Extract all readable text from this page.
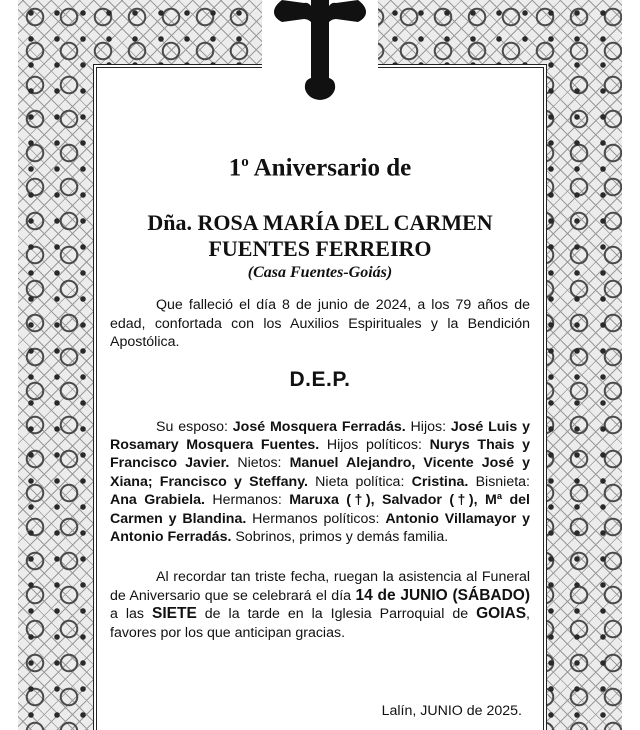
1$^o$ Aniversario de
Dña. ROSA MARÍA DEL CARMEN
FUENTES FERREIRO
(Casa Fuentes-Goiás)

Que falleció el día 8 de junio de 2024, a los 79 años de edad, confortada con los Auxilios Espirituales y la Bendición Apostólica.

D.E.P.

Su esposo: José Mosquera Ferradás. Hijos: José Luis y Rosamary Mosquera Fuentes. Hijos políticos: Nurys Thais y Francisco Javier. Nietos: Manuel Alejandro, Vicente José y Xiana; Francisco y Steffany. Nieta política: Cristina. Bisnieta: Ana Grabiela. Hermanos: Maruxa (†), Salvador (†), Mª del Carmen y Blandina. Hermanos políticos: Antonio Villamayor y Antonio Ferradás. Sobrinos, primos y demás familia.

Al recordar tan triste fecha, ruegan la asistencia al Funeral de Aniversario que se celebrará el día 14 de JUNIO (SÁBADO) a las SIETE de la tarde en la Iglesia Parroquial de GOIAS, favores por los que anticipan gracias.

Lalín, JUNIO de 2025.
